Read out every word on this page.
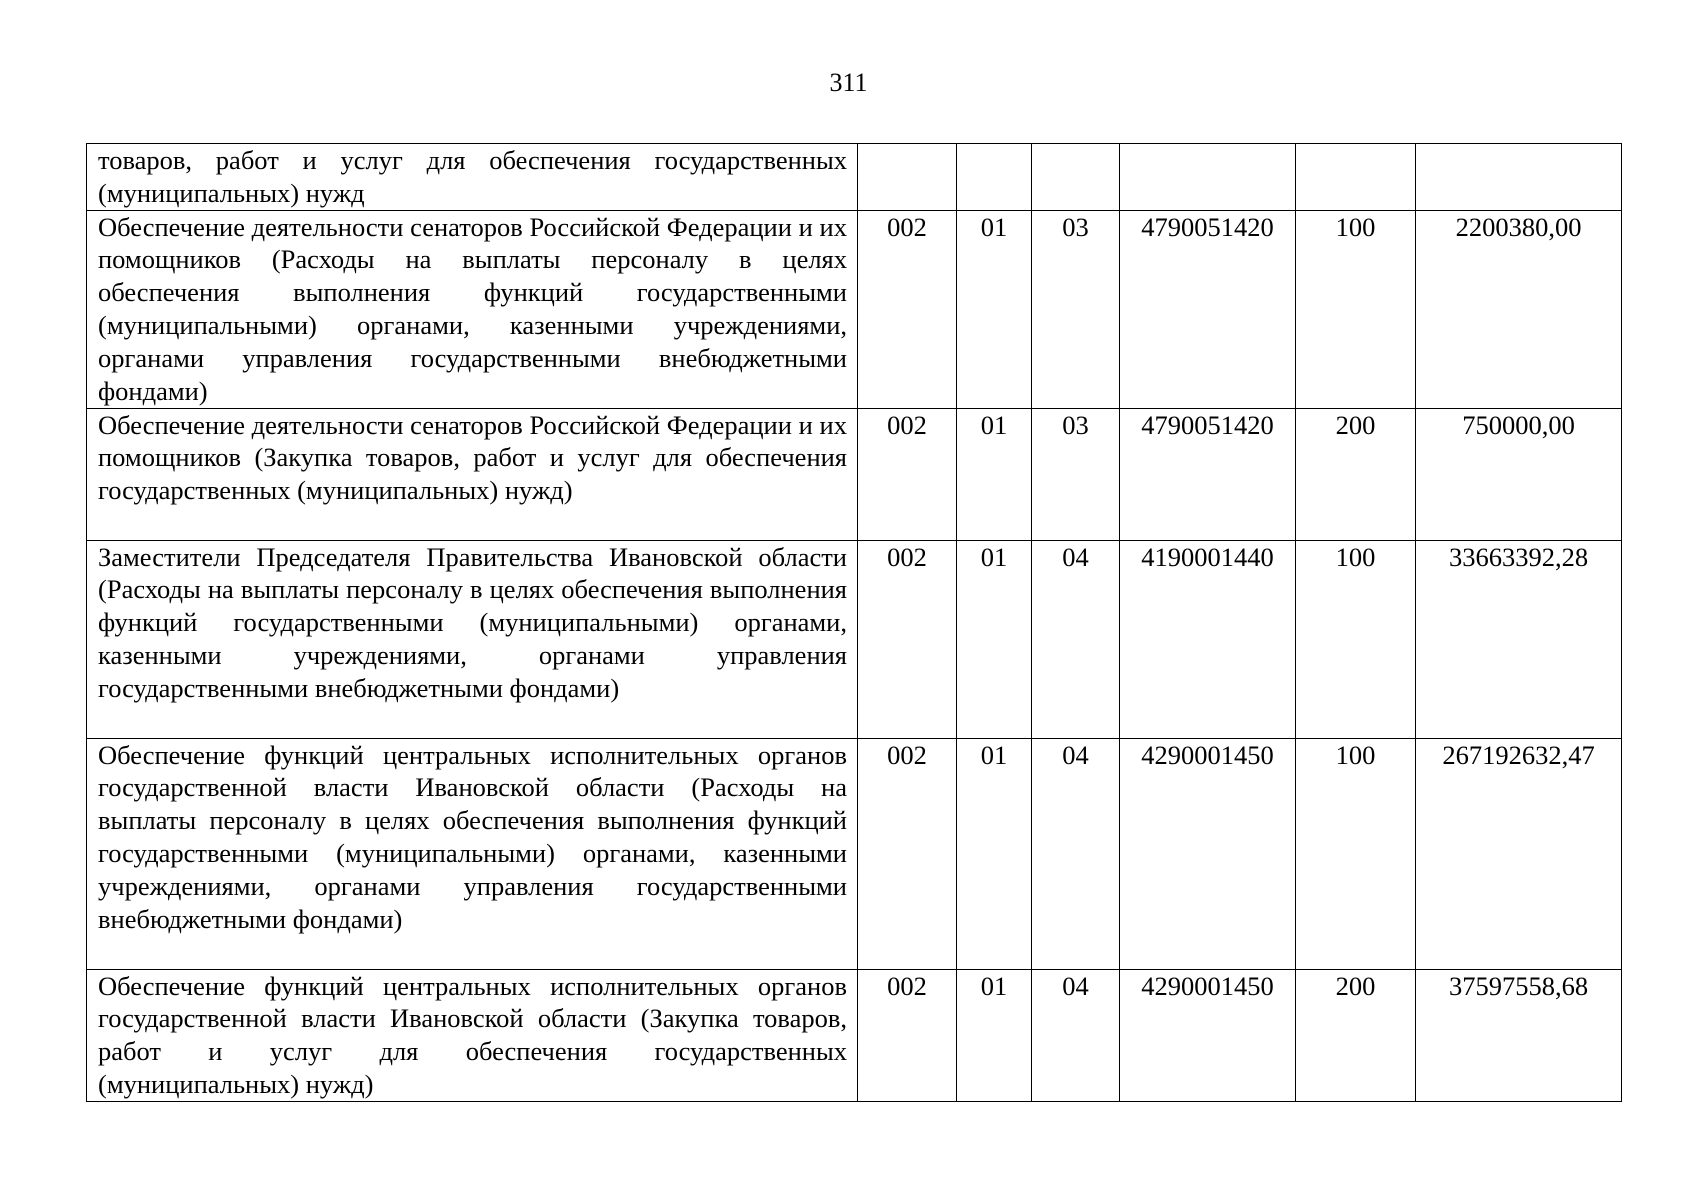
311
товаров, работ и услуг для обеспечения государственных (муниципальных) нужд						

Обеспечение деятельности сенаторов Российской Федерации и их помощников (Расходы на выплаты персоналу в целях обеспечения выполнения функций государственными (муниципальными) органами, казенными учреждениями, органами управления государственными внебюджетными фондами)	002	01	03	4790051420	100	2200380,00

Обеспечение деятельности сенаторов Российской Федерации и их помощников (Закупка товаров, работ и услуг для обеспечения государственных (муниципальных) нужд)	002	01	03	4790051420	200	750000,00

Заместители Председателя Правительства Ивановской области (Расходы на выплаты персоналу в целях обеспечения выполнения функций государственными (муниципальными) органами, казенными учреждениями, органами управления государственными внебюджетными фондами)	002	01	04	4190001440	100	33663392,28

Обеспечение функций центральных исполнительных органов государственной власти Ивановской области (Расходы на выплаты персоналу в целях обеспечения выполнения функций государственными (муниципальными) органами, казенными учреждениями, органами управления государственными внебюджетными фондами)	002	01	04	4290001450	100	267192632,47

Обеспечение функций центральных исполнительных органов государственной власти Ивановской области (Закупка товаров, работ и услуг для обеспечения государственных (муниципальных) нужд)	002	01	04	4290001450	200	37597558,68
